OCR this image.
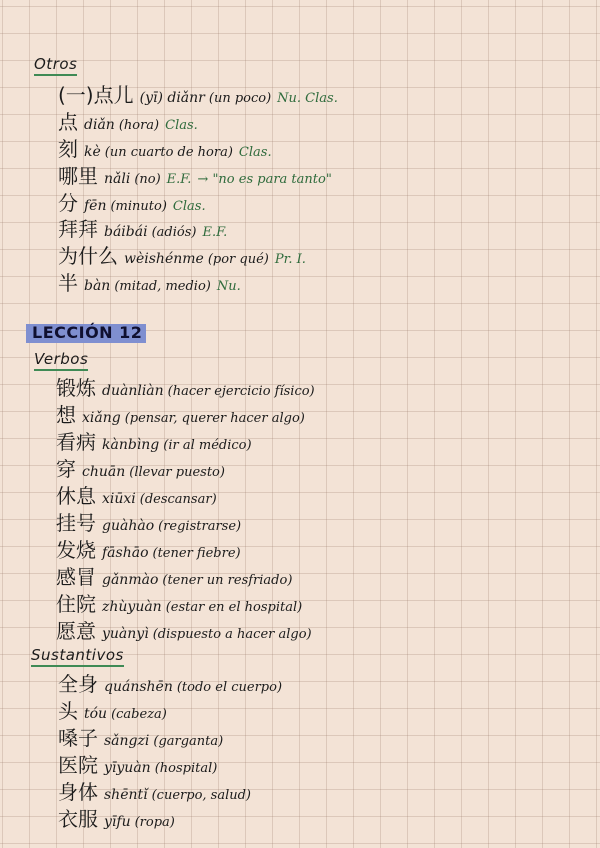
Otros
(一)点儿 (yī) diǎnr (un poco) Nu. Clas.
点 diǎn (hora) Clas.
刻 kè (un cuarto de hora) Clas.
哪里 nǎli (no) E.F. → "no es para tanto"
分 fēn (minuto) Clas.
拜拜 báibái (adiós) E.F.
为什么 wèishénme (por qué) Pr. I.
半 bàn (mitad, medio) Nu.
LECCIÓN 12
Verbos
锻炼 duànliàn (hacer ejercicio físico)
想 xiǎng (pensar, querer hacer algo)
看病 kànbìng (ir al médico)
穿 chuān (llevar puesto)
休息 xiūxi (descansar)
挂号 guàhào (registrarse)
发烧 fāshāo (tener fiebre)
感冒 gǎnmào (tener un resfriado)
住院 zhùyuàn (estar en el hospital)
愿意 yuànyì (dispuesto a hacer algo)
Sustantivos
全身 quánshēn (todo el cuerpo)
头 tóu (cabeza)
嗓子 sǎngzi (garganta)
医院 yīyuàn (hospital)
身体 shēntǐ (cuerpo, salud)
衣服 yīfu (ropa)
